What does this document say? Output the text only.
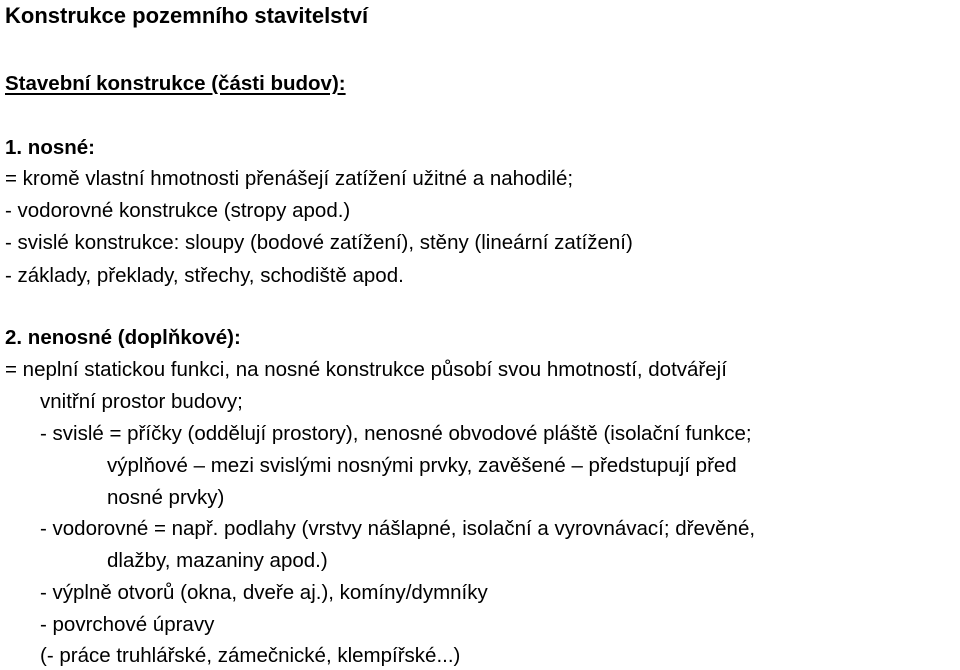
Konstrukce pozemního stavitelství
Stavební konstrukce (části budov):
1. nosné:
= kromě vlastní hmotnosti přenášejí zatížení užitné a nahodilé;
- vodorovné konstrukce (stropy apod.)
- svislé konstrukce: sloupy (bodové zatížení), stěny (lineární zatížení)
- základy, překlady, střechy, schodiště apod.
2. nenosné (doplňkové):
= neplní statickou funkci, na nosné konstrukce působí svou hmotností, dotvářejí
vnitřní prostor budovy;
- svislé = příčky (oddělují prostory), nenosné obvodové pláště (isolační funkce;
výplňové – mezi svislými nosnými prvky, zavěšené – předstupují před
nosné prvky)
- vodorovné = např. podlahy (vrstvy nášlapné, isolační a vyrovnávací; dřevěné,
dlažby, mazaniny apod.)
- výplně otvorů (okna, dveře aj.), komíny/dymníky
- povrchové úpravy
(- práce truhlářské, zámečnické, klempířské...)
